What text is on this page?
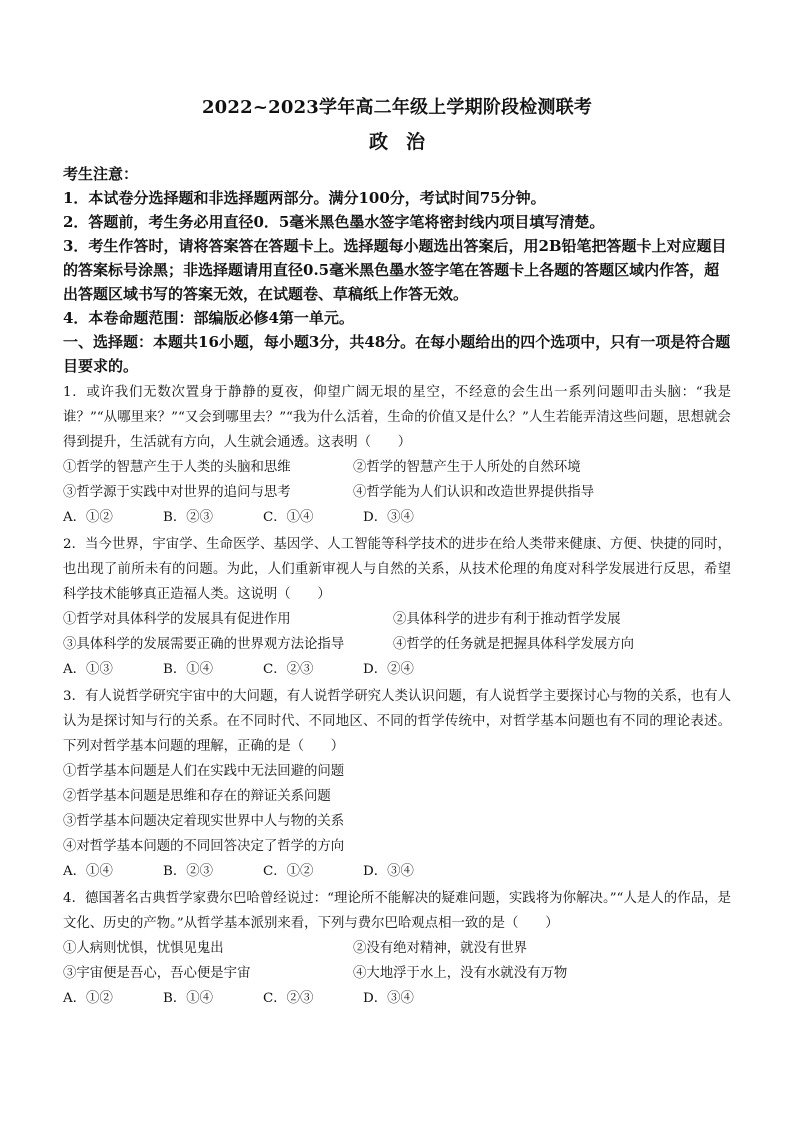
2022~2023学年高二年级上学期阶段检测联考
政治
考生注意：
1．本试卷分选择题和非选择题两部分。满分100分，考试时间75分钟。
2．答题前，考生务必用直径0．5毫米黑色墨水签字笔将密封线内项目填写清楚。
3．考生作答时，请将答案答在答题卡上。选择题每小题选出答案后，用2B铅笔把答题卡上对应题目的答案标号涂黑；非选择题请用直径0.5毫米黑色墨水签字笔在答题卡上各题的答题区域内作答，超出答题区域书写的答案无效，在试题卷、草稿纸上作答无效。
4．本卷命题范围：部编版必修4第一单元。
一、选择题：本题共16小题，每小题3分，共48分。在每小题给出的四个选项中，只有一项是符合题目要求的。
1．或许我们无数次置身于静静的夏夜，仰望广阔无垠的星空，不经意的会生出一系列问题叩击头脑：“我是谁？”“从哪里来？”“又会到哪里去？”“我为什么活着，生命的价值又是什么？”人生若能弄清这些问题，思想就会得到提升，生活就有方向，人生就会通透。这表明（　　）
①哲学的智慧产生于人类的头脑和思维	②哲学的智慧产生于人所处的自然环境
③哲学源于实践中对世界的追问与思考	④哲学能为人们认识和改造世界提供指导
A．①②	B．②③	C．①④	D．③④
2．当今世界，宇宙学、生命医学、基因学、人工智能等科学技术的进步在给人类带来健康、方便、快捷的同时，也出现了前所未有的问题。为此，人们重新审视人与自然的关系，从技术伦理的角度对科学发展进行反思，希望科学技术能够真正造福人类。这说明（　　）
①哲学对具体科学的发展具有促进作用	②具体科学的进步有利于推动哲学发展
③具体科学的发展需要正确的世界观方法论指导	④哲学的任务就是把握具体科学发展方向
A．①③	B．①④	C．②③	D．②④
3．有人说哲学研究宇宙中的大问题，有人说哲学研究人类认识问题，有人说哲学主要探讨心与物的关系，也有人认为是探讨知与行的关系。在不同时代、不同地区、不同的哲学传统中，对哲学基本问题也有不同的理论表述。下列对哲学基本问题的理解，正确的是（　　）
①哲学基本问题是人们在实践中无法回避的问题
②哲学基本问题是思维和存在的辩证关系问题
③哲学基本问题决定着现实世界中人与物的关系
④对哲学基本问题的不同回答决定了哲学的方向
A．①④	B．②③	C．①②	D．③④
4．德国著名古典哲学家费尔巴哈曾经说过：“理论所不能解决的疑难问题，实践将为你解决。”“人是人的作品，是文化、历史的产物。”从哲学基本派别来看，下列与费尔巴哈观点相一致的是（　　）
①人病则忧惧，忧惧见鬼出	②没有绝对精神，就没有世界
③宇宙便是吾心，吾心便是宇宙	④大地浮于水上，没有水就没有万物
A．①②	B．①④	C．②③	D．③④
